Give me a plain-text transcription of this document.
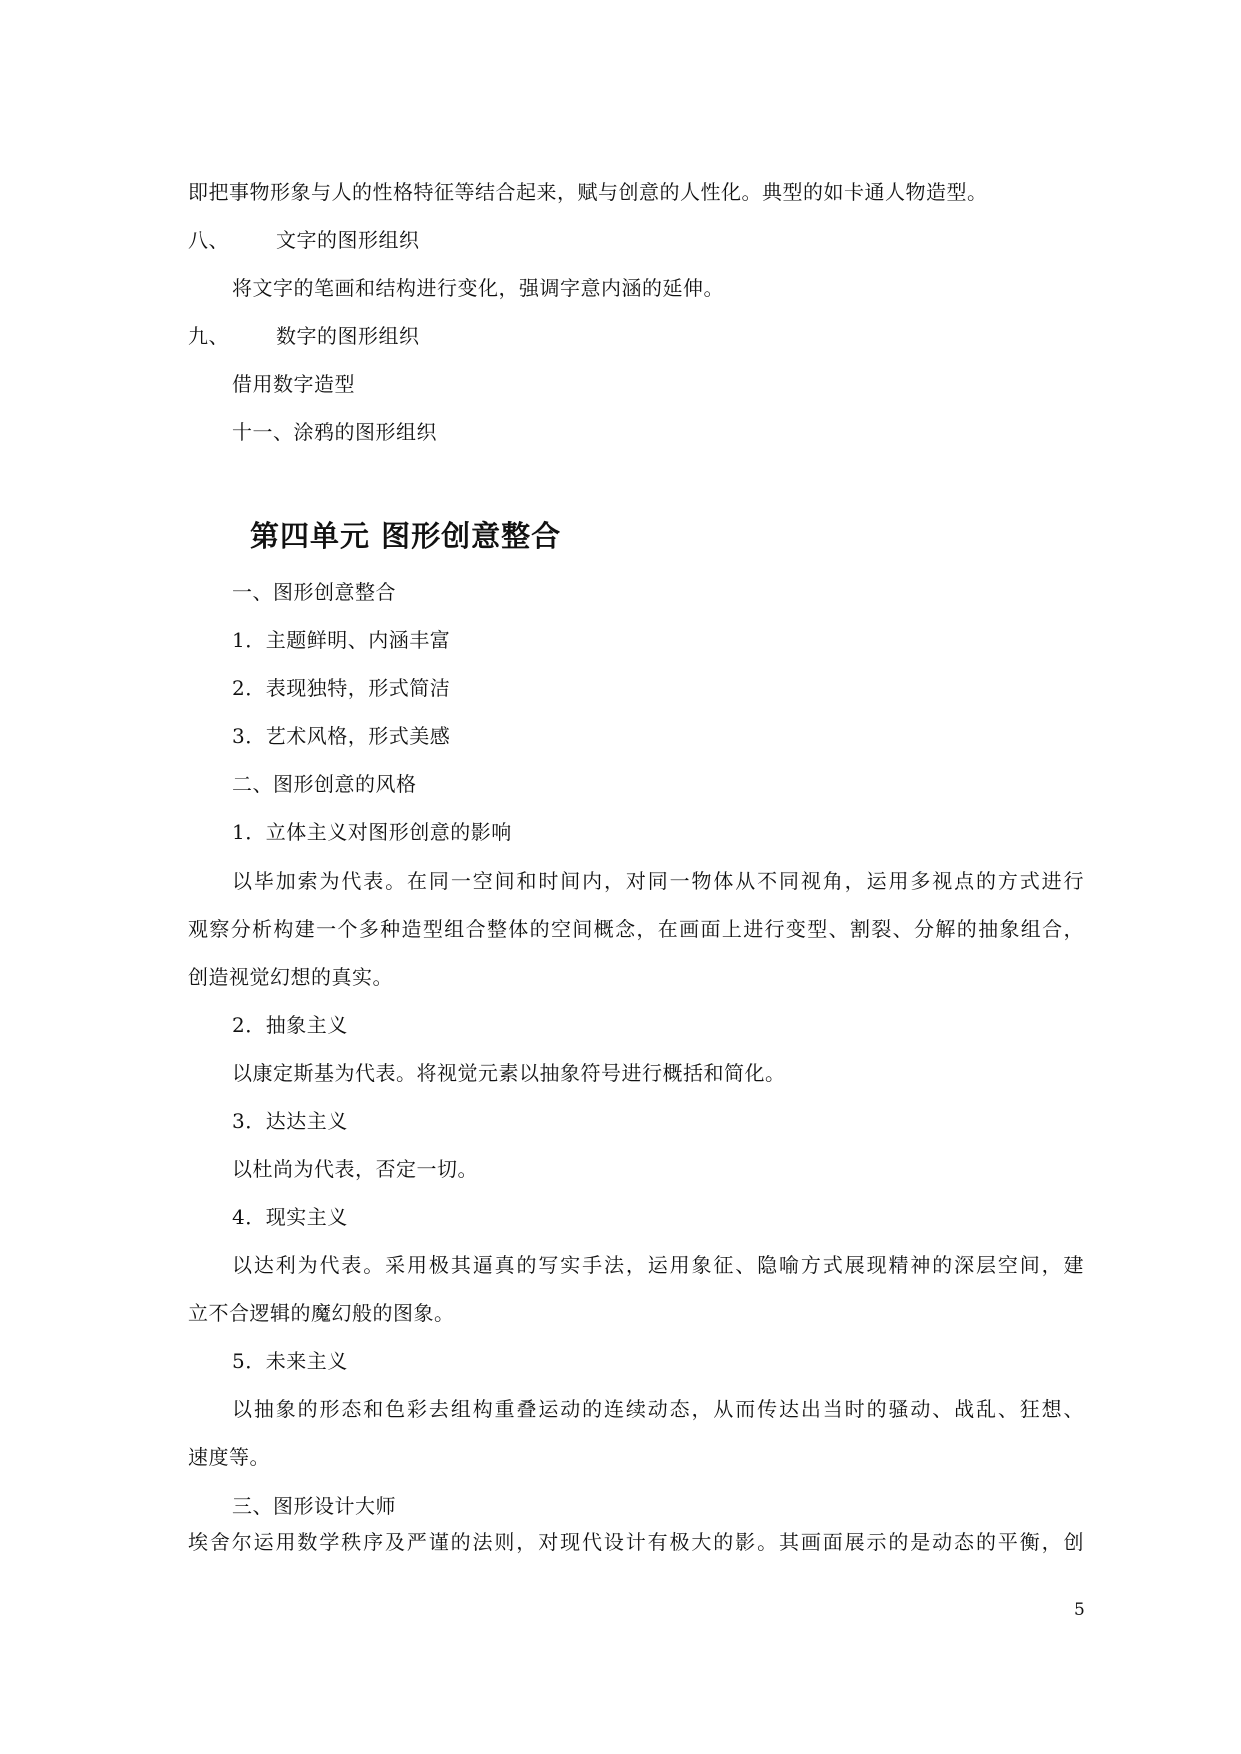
即把事物形象与人的性格特征等结合起来，赋与创意的人性化。典型的如卡通人物造型。
八、 文字的图形组织
将文字的笔画和结构进行变化，强调字意内涵的延伸。
九、 数字的图形组织
借用数字造型
十一、涂鸦的图形组织
第四单元 图形创意整合
一、图形创意整合
1．主题鲜明、内涵丰富
2．表现独特，形式简洁
3．艺术风格，形式美感
二、图形创意的风格
1．立体主义对图形创意的影响
以毕加索为代表。在同一空间和时间内，对同一物体从不同视角，运用多视点的方式进行
观察分析构建一个多种造型组合整体的空间概念，在画面上进行变型、割裂、分解的抽象组合，
创造视觉幻想的真实。
2．抽象主义
以康定斯基为代表。将视觉元素以抽象符号进行概括和简化。
3．达达主义
以杜尚为代表，否定一切。
4．现实主义
以达利为代表。采用极其逼真的写实手法，运用象征、隐喻方式展现精神的深层空间，建
立不合逻辑的魔幻般的图象。
5．未来主义
以抽象的形态和色彩去组构重叠运动的连续动态，从而传达出当时的骚动、战乱、狂想、
速度等。
三、图形设计大师
埃舍尔运用数学秩序及严谨的法则，对现代设计有极大的影。其画面展示的是动态的平衡，创
5
